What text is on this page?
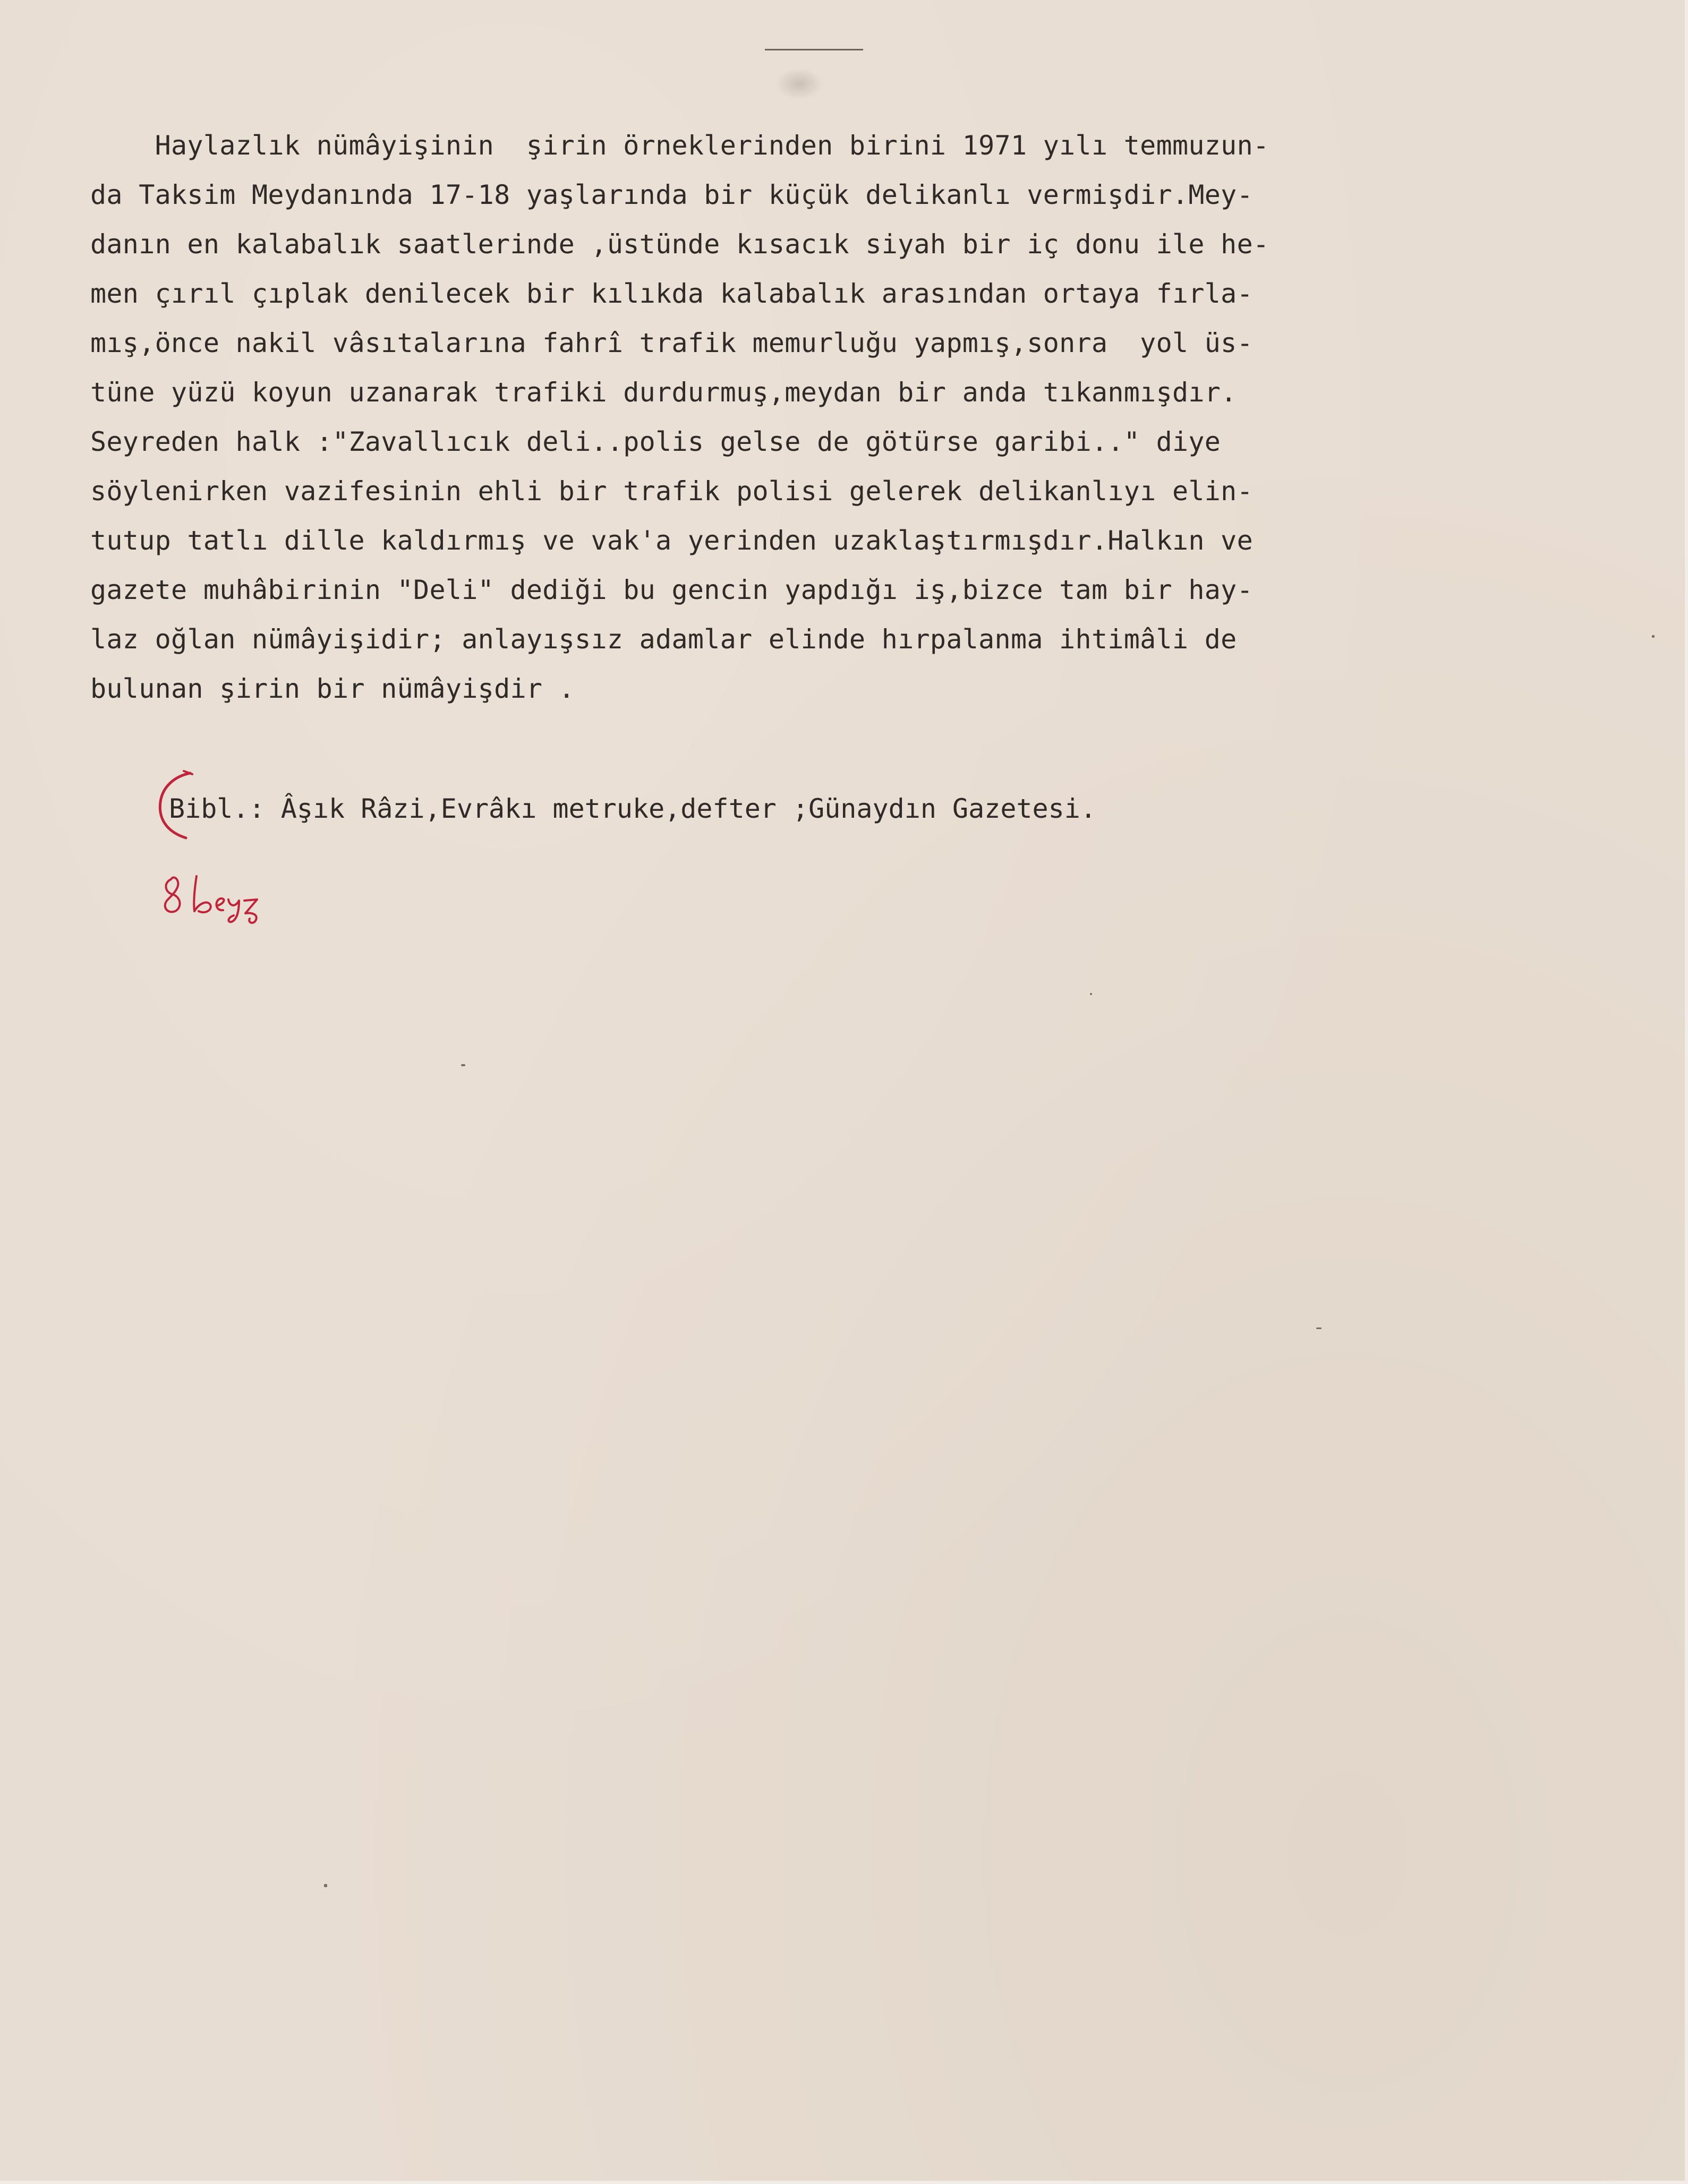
Haylazlık nümâyişinin  şirin örneklerinden birini 1971 yılı temmuzun-
da Taksim Meydanında 17-18 yaşlarında bir küçük delikanlı vermişdir.Mey-
danın en kalabalık saatlerinde ,üstünde kısacık siyah bir iç donu ile he-
men çırıl çıplak denilecek bir kılıkda kalabalık arasından ortaya fırla-
mış,önce nakil vâsıtalarına fahrî trafik memurluğu yapmış,sonra  yol üs-
tüne yüzü koyun uzanarak trafiki durdurmuş,meydan bir anda tıkanmışdır.
Seyreden halk :"Zavallıcık deli..polis gelse de götürse garibi.." diye
söylenirken vazifesinin ehli bir trafik polisi gelerek delikanlıyı elin-
tutup tatlı dille kaldırmış ve vak'a yerinden uzaklaştırmışdır.Halkın ve
gazete muhâbirinin "Deli" dediği bu gencin yapdığı iş,bizce tam bir hay-
laz oğlan nümâyişidir; anlayışsız adamlar elinde hırpalanma ihtimâli de
bulunan şirin bir nümâyişdir .
Bibl.: Âşık Râzi,Evrâkı metruke,defter ;Günaydın Gazetesi.
